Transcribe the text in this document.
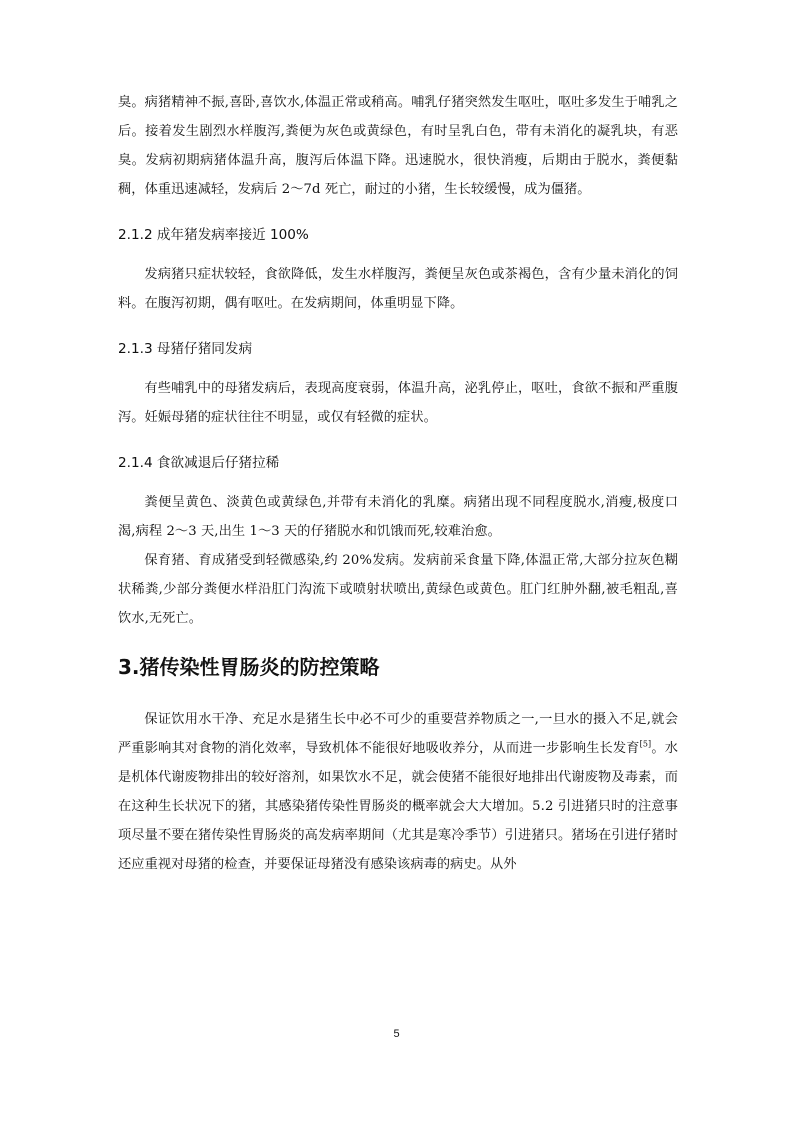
臭。病猪精神不振,喜卧,喜饮水,体温正常或稍高。哺乳仔猪突然发生呕吐，呕吐多发生于哺乳之后。接着发生剧烈水样腹泻,粪便为灰色或黄绿色，有时呈乳白色，带有未消化的凝乳块，有恶臭。发病初期病猪体温升高，腹泻后体温下降。迅速脱水，很快消瘦，后期由于脱水，粪便黏稠，体重迅速减轻，发病后 2～7d 死亡，耐过的小猪，生长较缓慢，成为僵猪。

2.1.2 成年猪发病率接近 100%

发病猪只症状较轻，食欲降低，发生水样腹泻，粪便呈灰色或茶褐色，含有少量未消化的饲料。在腹泻初期，偶有呕吐。在发病期间，体重明显下降。

2.1.3 母猪仔猪同发病

有些哺乳中的母猪发病后，表现高度衰弱，体温升高，泌乳停止，呕吐，食欲不振和严重腹泻。妊娠母猪的症状往往不明显，或仅有轻微的症状。

2.1.4 食欲减退后仔猪拉稀

粪便呈黄色、淡黄色或黄绿色,并带有未消化的乳糜。病猪出现不同程度脱水,消瘦,极度口渴,病程 2～3 天,出生 1～3 天的仔猪脱水和饥饿而死,较难治愈。

保育猪、育成猪受到轻微感染,约 20%发病。发病前采食量下降,体温正常,大部分拉灰色糊状稀粪,少部分粪便水样沿肛门沟流下或喷射状喷出,黄绿色或黄色。肛门红肿外翻,被毛粗乱,喜饮水,无死亡。

3.猪传染性胃肠炎的防控策略

保证饮用水干净、充足水是猪生长中必不可少的重要营养物质之一,一旦水的摄入不足,就会严重影响其对食物的消化效率，导致机体不能很好地吸收养分，从而进一步影响生长发育[5]。水是机体代谢废物排出的较好溶剂，如果饮水不足，就会使猪不能很好地排出代谢废物及毒素，而在这种生长状况下的猪，其感染猪传染性胃肠炎的概率就会大大增加。5.2 引进猪只时的注意事项尽量不要在猪传染性胃肠炎的高发病率期间（尤其是寒冷季节）引进猪只。猪场在引进仔猪时还应重视对母猪的检查，并要保证母猪没有感染该病毒的病史。从外

5
